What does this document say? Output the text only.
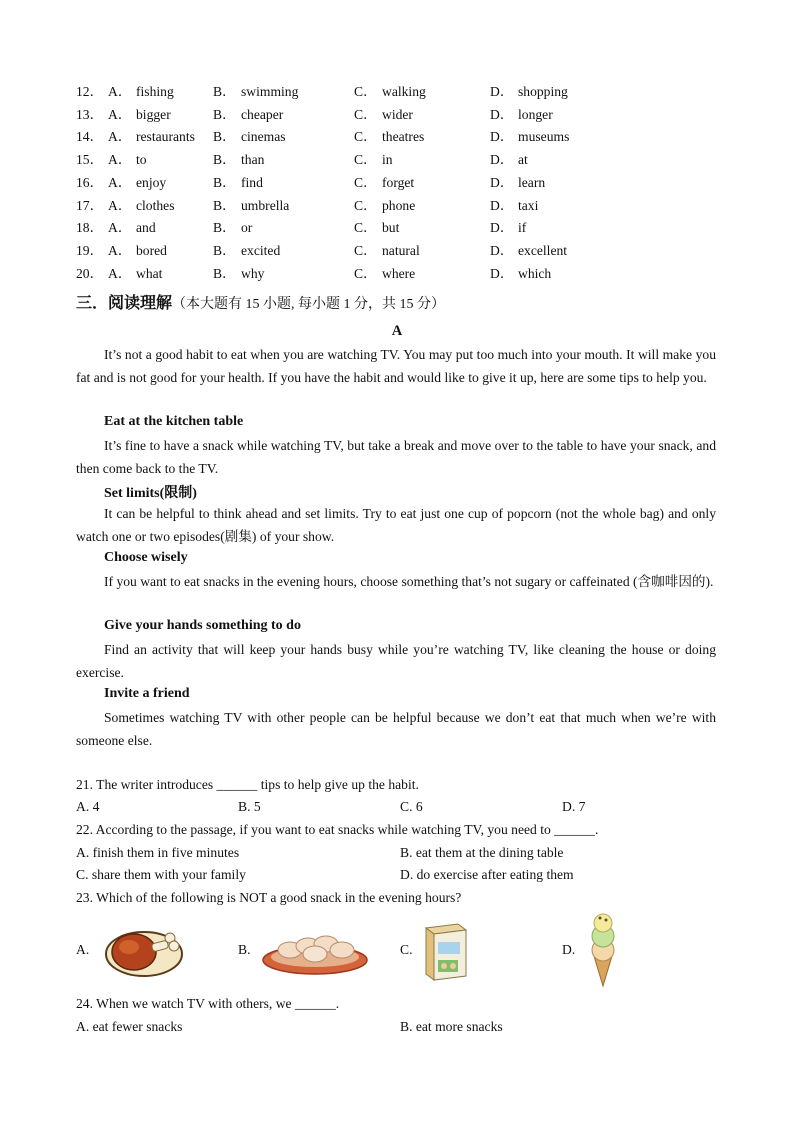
12． A． fishing	B． swimming	C． walking	D． shopping
13． A． bigger	B． cheaper	C． wider	D． longer
14． A． restaurants B． cinemas	C． theatres	D． museums
15． A． to	B． than	C． in	D． at
16． A． enjoy	B． find	C． forget	D． learn
17． A． clothes	B． umbrella	C． phone	D． taxi
18． A． and	B． or	C． but	D． if
19． A． bored	B． excited	C． natural	D． excellent
20． A． what	B． why	C． where	D． which
三．阅读理解（本大题有 15 小题, 每小题 1 分，共 15 分）
A

It’s not a good habit to eat when you are watching TV. You may put too much into your mouth. It will make you fat and is not good for your health. If you have the habit and would like to give it up, here are some tips to help you.

Eat at the kitchen table

It’s fine to have a snack while watching TV, but take a break and move over to the table to have your snack, and then come back to the TV.

Set limits(限制)

It can be helpful to think ahead and set limits. Try to eat just one cup of popcorn (not the whole bag) and only watch one or two episodes(剧集) of your show.

Choose wisely

If you want to eat snacks in the evening hours, choose something that’s not sugary or caffeinated (含咖啡因的).

Give your hands something to do

Find an activity that will keep your hands busy while you’re watching TV, like cleaning the house or doing exercise.

Invite a friend

Sometimes watching TV with other people can be helpful because we don’t eat that much when we’re with someone else.

21. The writer introduces ______ tips to help give up the habit.
A. 4	B. 5	C. 6	D. 7
22. According to the passage, if you want to eat snacks while watching TV, you need to ______.
A. finish them in five minutes	B. eat them at the dining table
C. share them with your family	D. do exercise after eating them
23. Which of the following is NOT a good snack in the evening hours?
A.	B.	C.	D.
24. When we watch TV with others, we ______.
A. eat fewer snacks	B. eat more snacks
